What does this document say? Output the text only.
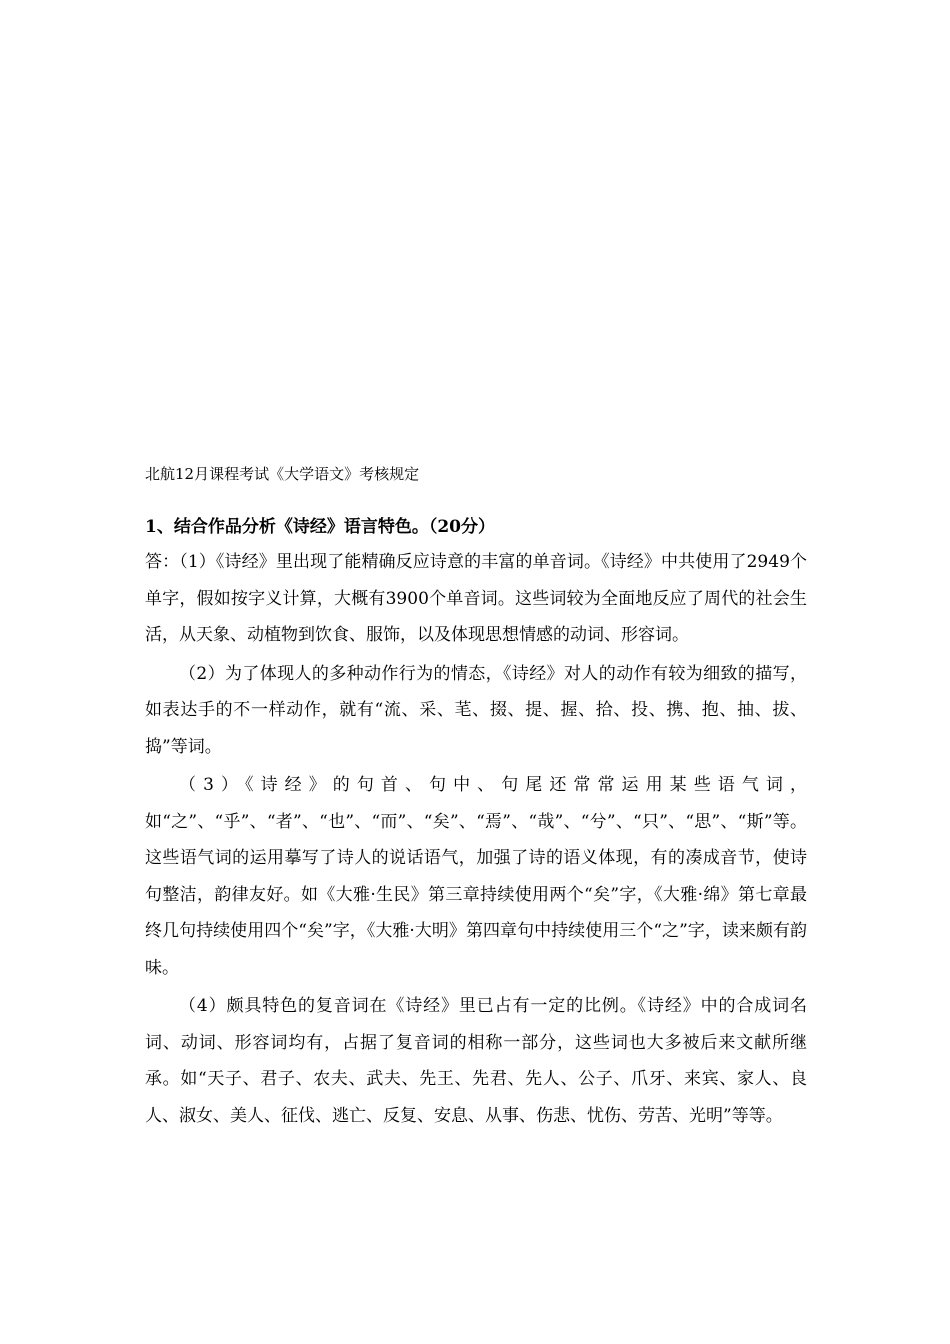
北航12月课程考试《大学语文》考核规定
1、结合作品分析《诗经》语言特色。（20分）

答：（1）《诗经》里出现了能精确反应诗意的丰富的单音词。《诗经》中共使用了2949个单字，假如按字义计算，大概有3900个单音词。这些词较为全面地反应了周代的社会生活，从天象、动植物到饮食、服饰，以及体现思想情感的动词、形容词。

（2）为了体现人的多种动作行为的情态，《诗经》对人的动作有较为细致的描写，如表达手的不一样动作，就有“流、采、芼、掇、提、握、拾、投、携、抱、抽、拔、捣”等词。

（3）《诗经》的句首、句中、句尾还常常运用某些语气词，如“之”、“乎”、“者”、“也”、“而”、“矣”、“焉”、“哉”、“兮”、“只”、“思”、“斯”等。这些语气词的运用摹写了诗人的说话语气，加强了诗的语义体现，有的凑成音节，使诗句整洁，韵律友好。如《大雅·生民》第三章持续使用两个“矣”字，《大雅·绵》第七章最终几句持续使用四个“矣”字，《大雅·大明》第四章句中持续使用三个“之”字，读来颇有韵味。

（4）颇具特色的复音词在《诗经》里已占有一定的比例。《诗经》中的合成词名词、动词、形容词均有，占据了复音词的相称一部分，这些词也大多被后来文献所继承。如“天子、君子、农夫、武夫、先王、先君、先人、公子、爪牙、来宾、家人、良人、淑女、美人、征伐、逃亡、反复、安息、从事、伤悲、忧伤、劳苦、光明”等等。
